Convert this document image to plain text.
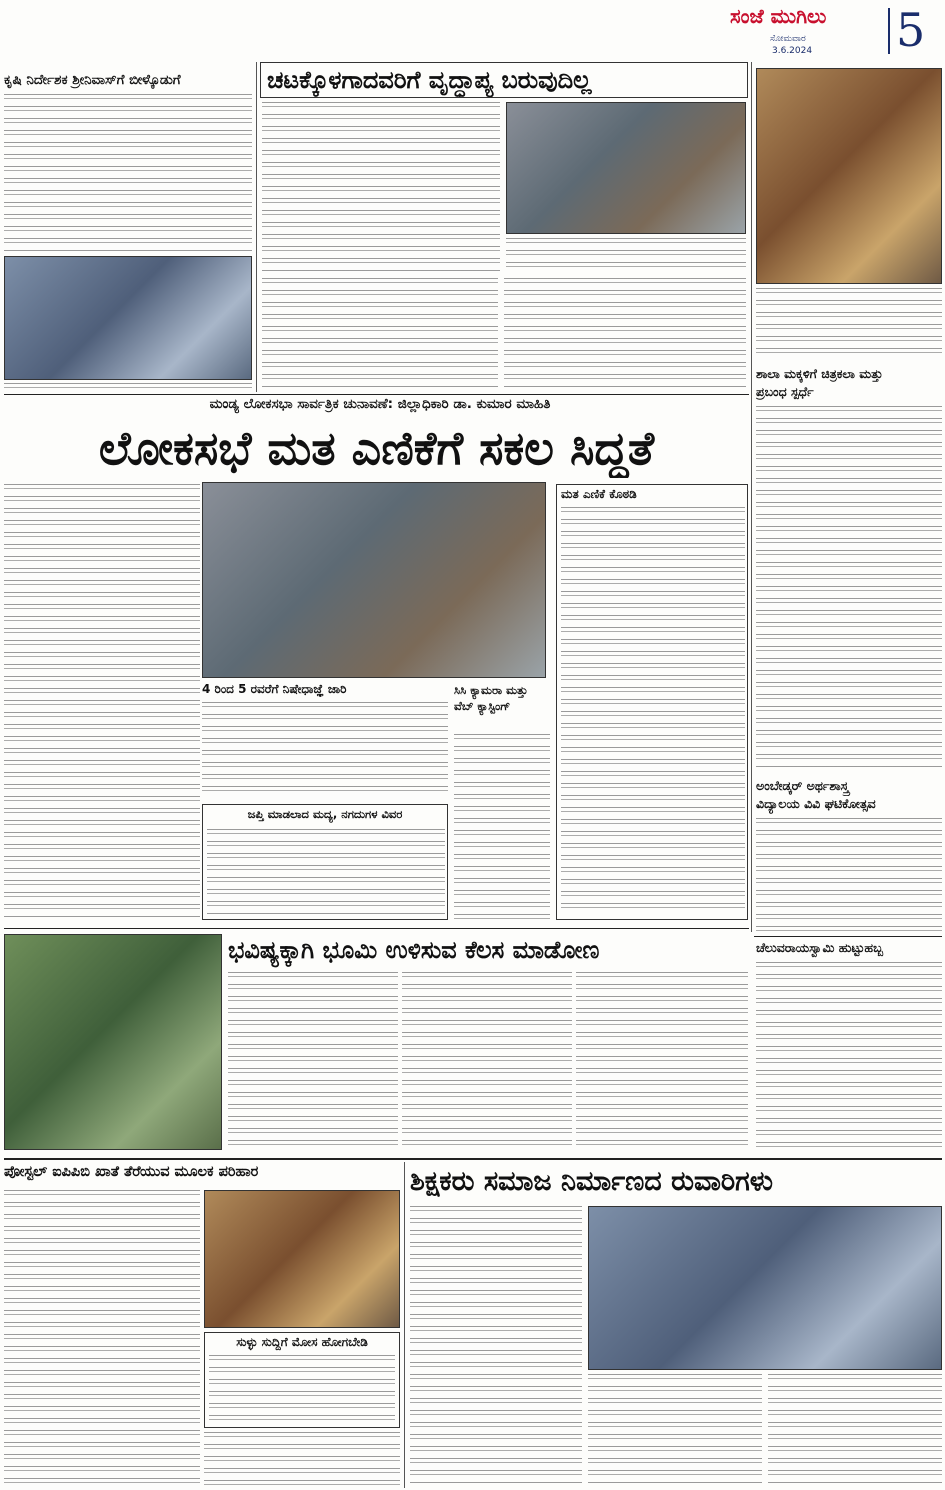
ಸಂಜೆ ಮುಗಿಲು
ಸೋಮವಾರ
3.6.2024	5
ಕೃಷಿ ನಿರ್ದೇಶಕ ಶ್ರೀನಿವಾಸ್‌ಗೆ ಬೀಳ್ಕೊಡುಗೆ	ಚಟಕ್ಕೊಳಗಾದವರಿಗೆ ವೃದ್ಧಾಪ್ಯ ಬರುವುದಿಲ್ಲ
ಶಾಲಾ ಮಕ್ಕಳಿಗೆ ಚಿತ್ರಕಲಾ ಮತ್ತು
ಪ್ರಬಂಧ ಸ್ಪರ್ಧೆ
ಅಂಬೇಡ್ಕರ್ ಅರ್ಥಶಾಸ್ತ್ರ
ವಿದ್ಯಾಲಯ ವಿವಿ ಘಟಿಕೋತ್ಸವ
ಮಂಡ್ಯ ಲೋಕಸಭಾ ಸಾರ್ವತ್ರಿಕ ಚುನಾವಣೆ: ಜಿಲ್ಲಾಧಿಕಾರಿ ಡಾ. ಕುಮಾರ ಮಾಹಿತಿ
ಲೋಕಸಭೆ ಮತ ಎಣಿಕೆಗೆ ಸಕಲ ಸಿದ್ಧತೆ
ಮತ ಎಣಿಕೆ ಕೊಠಡಿ
4 ರಿಂದ 5 ರವರೆಗೆ ನಿಷೇಧಾಜ್ಞೆ ಜಾರಿ	ಸಿಸಿ ಕ್ಯಾಮರಾ ಮತ್ತು ವೆಬ್ ಕ್ಯಾಸ್ಟಿಂಗ್
ಜಪ್ತಿ ಮಾಡಲಾದ ಮದ್ಯ, ನಗದುಗಳ ವಿವರ
ಭವಿಷ್ಯಕ್ಕಾಗಿ ಭೂಮಿ ಉಳಿಸುವ ಕೆಲಸ ಮಾಡೋಣ	ಚೆಲುವರಾಯಸ್ವಾಮಿ ಹುಟ್ಟುಹಬ್ಬ
ಪೋಸ್ಟಲ್ ಐಪಿಪಿಬಿ ಖಾತೆ ತೆರೆಯುವ ಮೂಲಕ ಪರಿಹಾರ
ಸುಳ್ಳು ಸುದ್ದಿಗೆ ಮೋಸ ಹೋಗಬೇಡಿ
ಶಿಕ್ಷಕರು ಸಮಾಜ ನಿರ್ಮಾಣದ ರುವಾರಿಗಳು
